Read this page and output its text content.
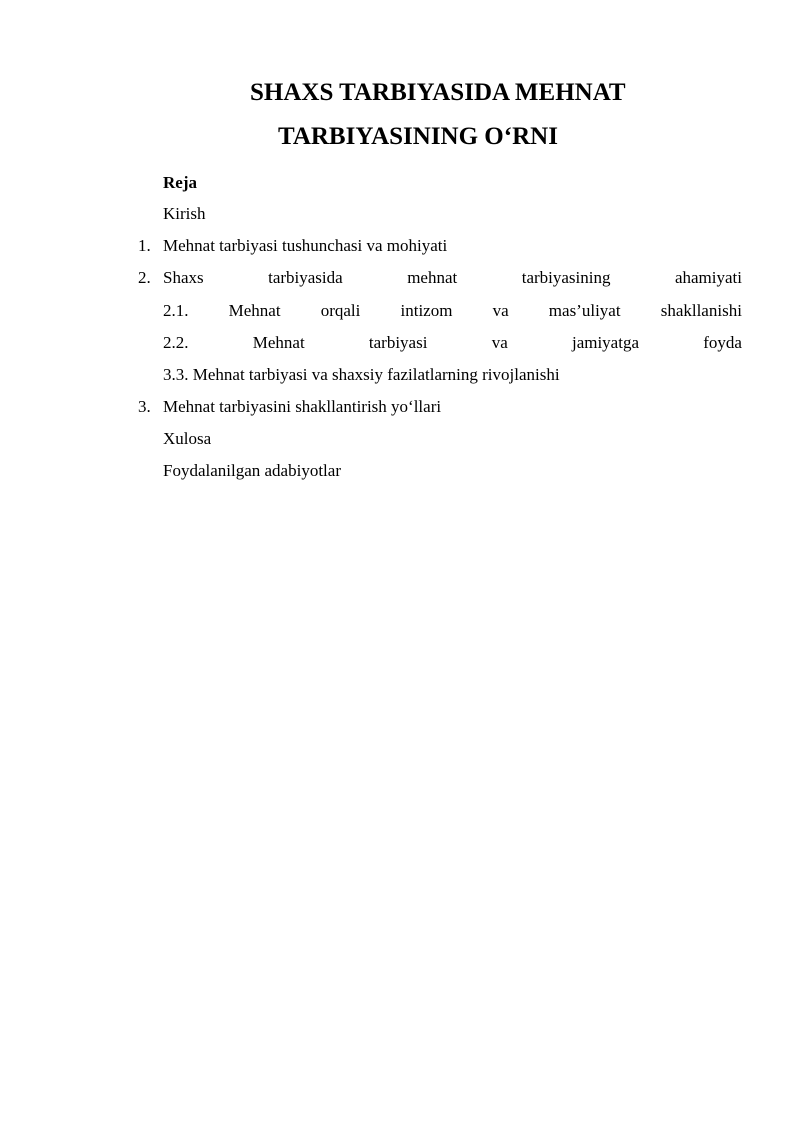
SHAXS TARBIYASIDA MEHNAT
TARBIYASINING O‘RNI
Reja
Kirish
1. Mehnat tarbiyasi tushunchasi va mohiyati
2. Shaxs	tarbiyasida	mehnat	tarbiyasining	ahamiyati
2.1. Mehnat orqali intizom va mas’uliyat shakllanishi
2.2.	Mehnat	tarbiyasi	va	jamiyatga	foyda
3.3. Mehnat tarbiyasi va shaxsiy fazilatlarning rivojlanishi
3. Mehnat tarbiyasini shakllantirish yo‘llari
Xulosa
Foydalanilgan adabiyotlar
